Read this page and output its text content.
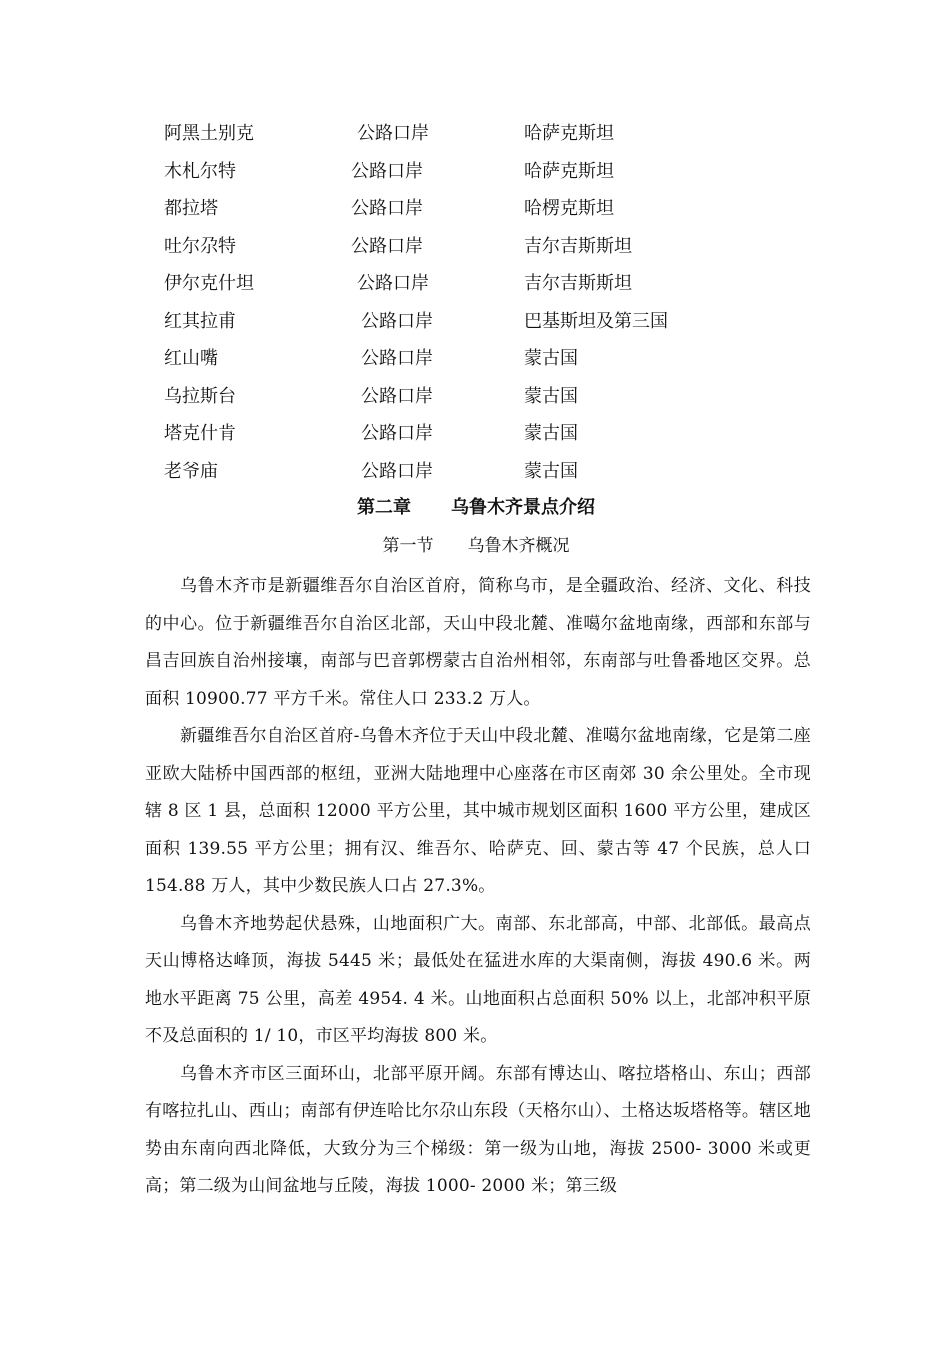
阿黑土别克	公路口岸	哈萨克斯坦
木札尔特	公路口岸	哈萨克斯坦
都拉塔	公路口岸	哈楞克斯坦
吐尔尕特	公路口岸	吉尔吉斯斯坦
伊尔克什坦	公路口岸	吉尔吉斯斯坦
红其拉甫	公路口岸	巴基斯坦及第三国
红山嘴	公路口岸	蒙古国
乌拉斯台	公路口岸	蒙古国
塔克什肯	公路口岸	蒙古国
老爷庙	公路口岸	蒙古国
第二章 乌鲁木齐景点介绍
第一节 乌鲁木齐概况

乌鲁木齐市是新疆维吾尔自治区首府，简称乌市，是全疆政治、经济、文化、科技的中心。位于新疆维吾尔自治区北部，天山中段北麓、准噶尔盆地南缘，西部和东部与昌吉回族自治州接壤，南部与巴音郭楞蒙古自治州相邻，东南部与吐鲁番地区交界。总面积 10900.77 平方千米。常住人口 233.2 万人。

新疆维吾尔自治区首府-乌鲁木齐位于天山中段北麓、准噶尔盆地南缘，它是第二座亚欧大陆桥中国西部的枢纽，亚洲大陆地理中心座落在市区南郊 30 余公里处。全市现辖 8 区 1 县，总面积 12000 平方公里，其中城市规划区面积 1600 平方公里，建成区面积 139.55 平方公里；拥有汉、维吾尔、哈萨克、回、蒙古等 47 个民族，总人口 154.88 万人，其中少数民族人口占 27.3%。

乌鲁木齐地势起伏悬殊，山地面积广大。南部、东北部高，中部、北部低。最高点天山博格达峰顶，海拔 5445 米；最低处在猛进水库的大渠南侧，海拔 490.6 米。两地水平距离 75 公里，高差 4954. 4 米。山地面积占总面积 50% 以上，北部冲积平原不及总面积的 1/ 10，市区平均海拔 800 米。

乌鲁木齐市区三面环山，北部平原开阔。东部有博达山、喀拉塔格山、东山；西部有喀拉扎山、西山；南部有伊连哈比尔尕山东段（天格尔山）、土格达坂塔格等。辖区地势由东南向西北降低，大致分为三个梯级：第一级为山地，海拔 2500- 3000 米或更高；第二级为山间盆地与丘陵，海拔 1000- 2000 米；第三级
